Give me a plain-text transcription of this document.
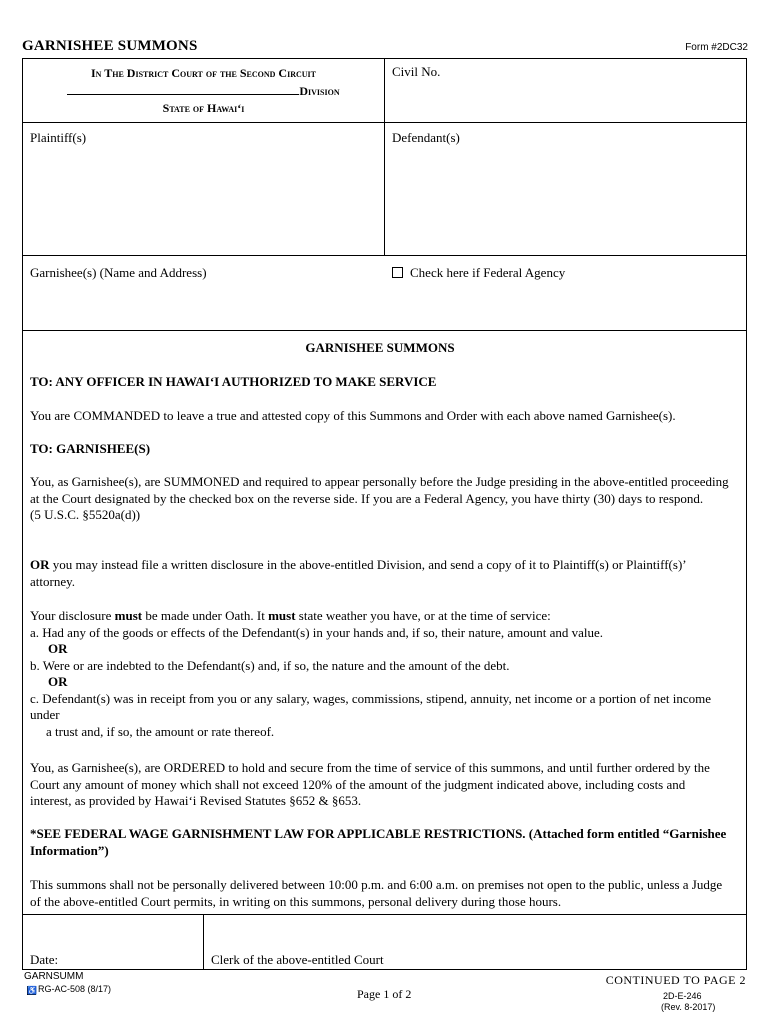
GARNISHEE SUMMONS	Form #2DC32
In The District Court of the Second Circuit
Division
State of Hawai‘i
Civil No.
Plaintiff(s)	Defendant(s)
Garnishee(s) (Name and Address)	Check here if Federal Agency
GARNISHEE SUMMONS
TO: ANY OFFICER IN HAWAI‘I AUTHORIZED TO MAKE SERVICE
You are COMMANDED to leave a true and attested copy of this Summons and Order with each above named Garnishee(s).
TO: GARNISHEE(S)

You, as Garnishee(s), are SUMMONED and required to appear personally before the Judge presiding in the above-entitled proceeding at the Court designated by the checked box on the reverse side. If you are a Federal Agency, you have thirty (30) days to respond.

(5 U.S.C. §5520a(d))

OR you may instead file a written disclosure in the above-entitled Division, and send a copy of it to Plaintiff(s) or Plaintiff(s)’ attorney.

Your disclosure must be made under Oath. It must state weather you have, or at the time of service:

a. Had any of the goods or effects of the Defendant(s) in your hands and, if so, their nature, amount and value.

OR

b. Were or are indebted to the Defendant(s) and, if so, the nature and the amount of the debt.

OR

c. Defendant(s) was in receipt from you or any salary, wages, commissions, stipend, annuity, net income or a portion of net income under

a trust and, if so, the amount or rate thereof.

You, as Garnishee(s), are ORDERED to hold and secure from the time of service of this summons, and until further ordered by the Court any amount of money which shall not exceed 120% of the amount of the judgment indicated above, including costs and interest, as provided by Hawai‘i Revised Statutes §652 & §653.
*SEE FEDERAL WAGE GARNISHMENT LAW FOR APPLICABLE RESTRICTIONS. (Attached form entitled “Garnishee Information”)
This summons shall not be personally delivered between 10:00 p.m. and 6:00 a.m. on premises not open to the public, unless a Judge of the above-entitled Court permits, in writing on this summons, personal delivery during those hours.
Date:	Clerk of the above-entitled Court
GARNSUMM
♿RG-AC-508 (8/17)	Page 1 of 2
CONTINUED TO PAGE 2
2D-E-246
(Rev. 8-2017)
